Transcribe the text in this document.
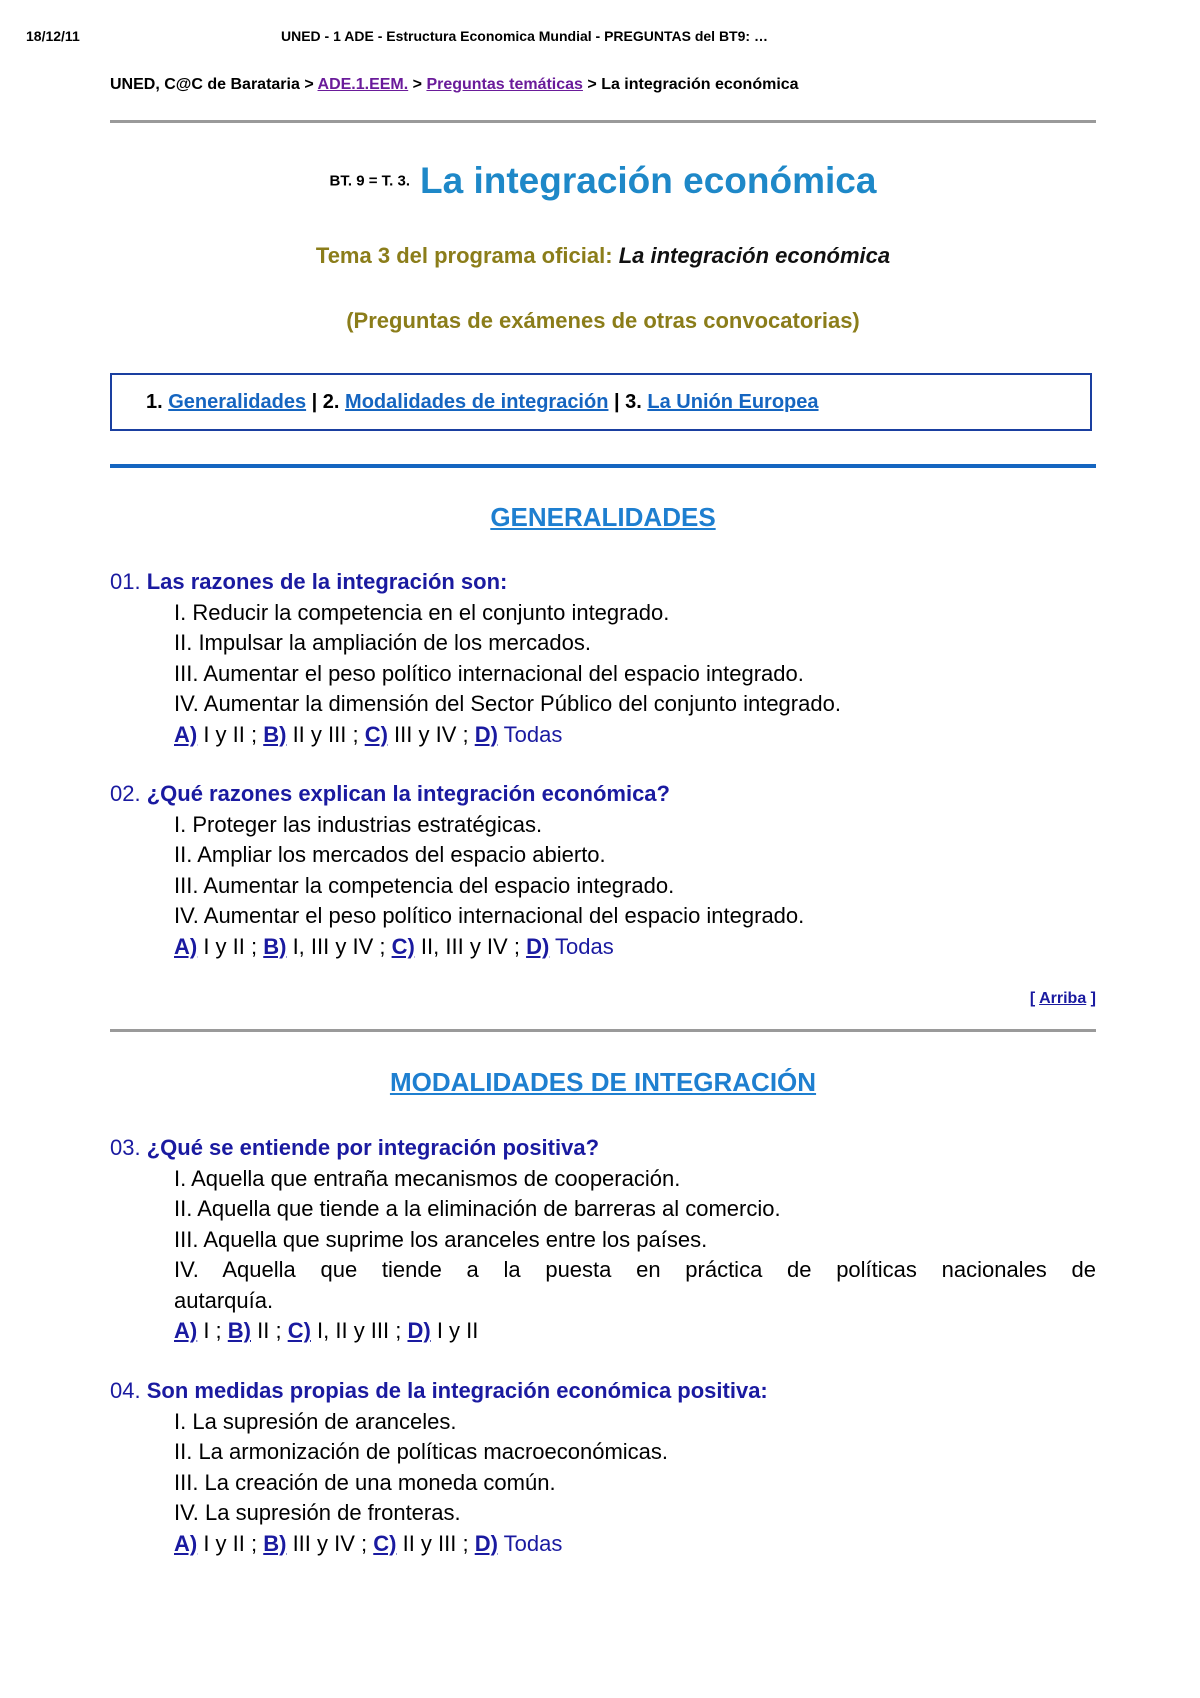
18/12/11	UNED - 1 ADE - Estructura Economica Mundial - PREGUNTAS del BT9: …
UNED, C@C de Barataria > ADE.1.EEM. > Preguntas temáticas > La integración económica
BT. 9 = T. 3. La integración económica
Tema 3 del programa oficial: La integración económica
(Preguntas de exámenes de otras convocatorias)
1. Generalidades | 2. Modalidades de integración | 3. La Unión Europea
GENERALIDADES
01. Las razones de la integración son:
I. Reducir la competencia en el conjunto integrado.
II. Impulsar la ampliación de los mercados.
III. Aumentar el peso político internacional del espacio integrado.
IV. Aumentar la dimensión del Sector Público del conjunto integrado.
A) I y II ; B) II y III ; C) III y IV ; D) Todas
02. ¿Qué razones explican la integración económica?
I. Proteger las industrias estratégicas.
II. Ampliar los mercados del espacio abierto.
III. Aumentar la competencia del espacio integrado.
IV. Aumentar el peso político internacional del espacio integrado.
A) I y II ; B) I, III y IV ; C) II, III y IV ; D) Todas
[ Arriba ]
MODALIDADES DE INTEGRACIÓN
03. ¿Qué se entiende por integración positiva?
I. Aquella que entraña mecanismos de cooperación.
II. Aquella que tiende a la eliminación de barreras al comercio.
III. Aquella que suprime los aranceles entre los países.
IV. Aquella que tiende a la puesta en práctica de políticas nacionales de
autarquía.
A) I ; B) II ; C) I, II y III ; D) I y II
04. Son medidas propias de la integración económica positiva:
I. La supresión de aranceles.
II. La armonización de políticas macroeconómicas.
III. La creación de una moneda común.
IV. La supresión de fronteras.
A) I y II ; B) III y IV ; C) II y III ; D) Todas
